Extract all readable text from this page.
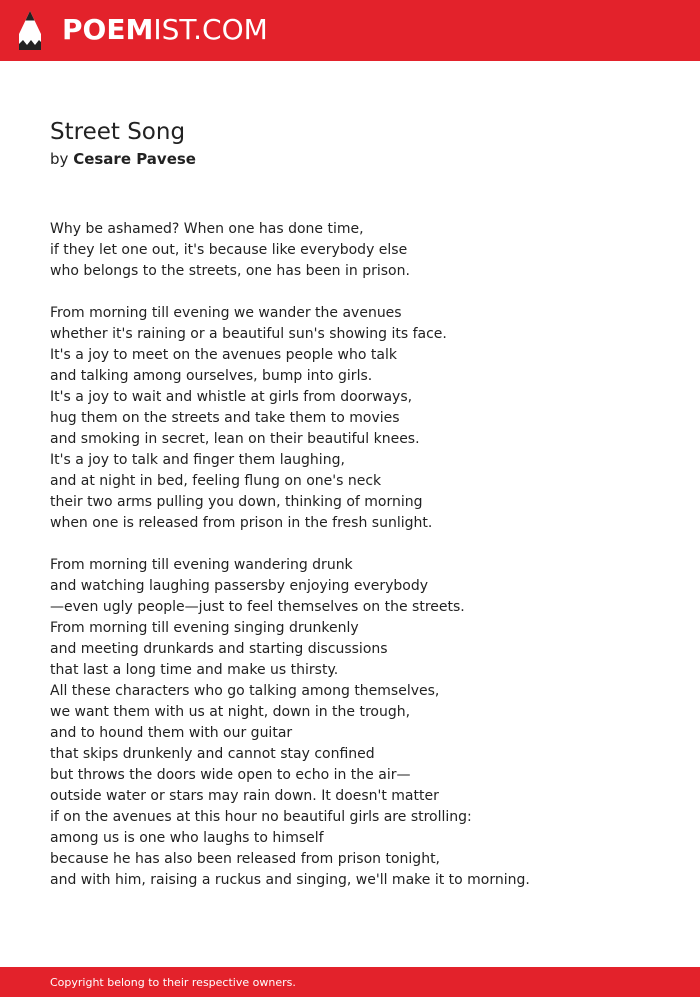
POEMIST.COM
Street Song
by Cesare Pavese
Why be ashamed? When one has done time,
if they let one out, it's because like everybody else
who belongs to the streets, one has been in prison.
From morning till evening we wander the avenues
whether it's raining or a beautiful sun's showing its face.
It's a joy to meet on the avenues people who talk
and talking among ourselves, bump into girls.
It's a joy to wait and whistle at girls from doorways,
hug them on the streets and take them to movies
and smoking in secret, lean on their beautiful knees.
It's a joy to talk and finger them laughing,
and at night in bed, feeling flung on one's neck
their two arms pulling you down, thinking of morning
when one is released from prison in the fresh sunlight.
From morning till evening wandering drunk
and watching laughing passersby enjoying everybody
—even ugly people—just to feel themselves on the streets.
From morning till evening singing drunkenly
and meeting drunkards and starting discussions
that last a long time and make us thirsty.
All these characters who go talking among themselves,
we want them with us at night, down in the trough,
and to hound them with our guitar
that skips drunkenly and cannot stay confined
but throws the doors wide open to echo in the air—
outside water or stars may rain down. It doesn't matter
if on the avenues at this hour no beautiful girls are strolling:
among us is one who laughs to himself
because he has also been released from prison tonight,
and with him, raising a ruckus and singing, we'll make it to morning.
Copyright belong to their respective owners.
